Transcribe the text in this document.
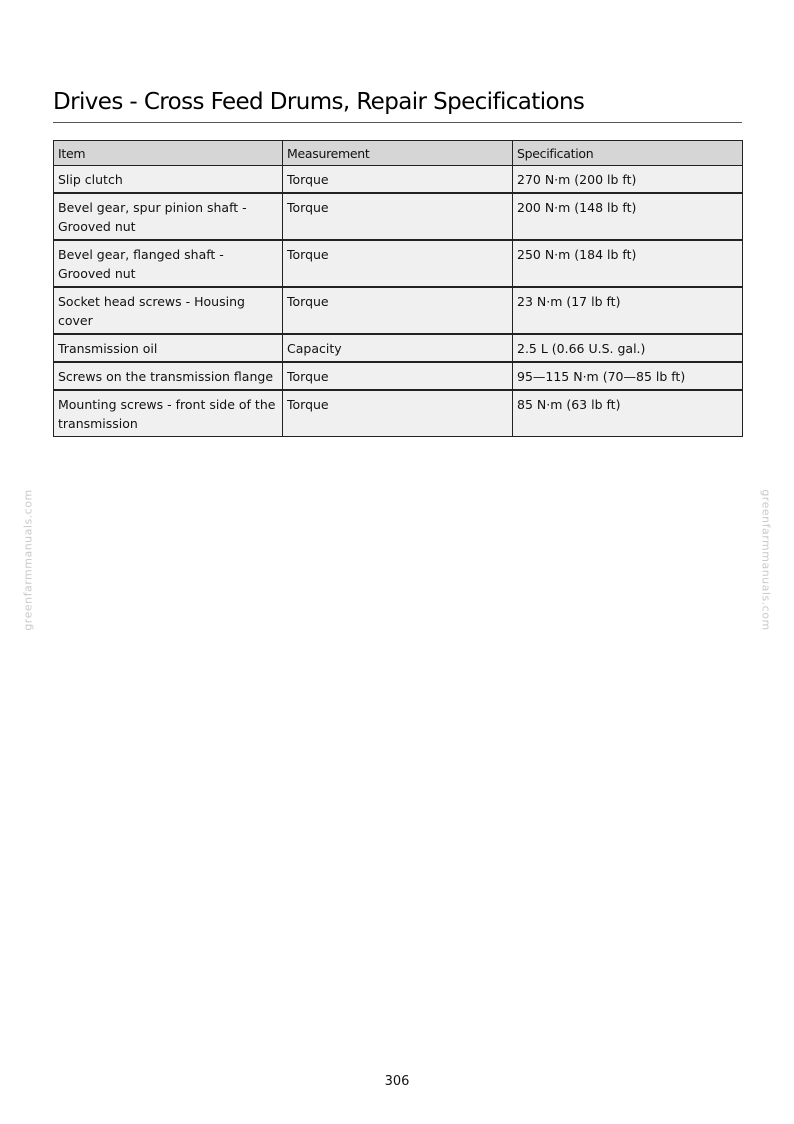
Drives - Cross Feed Drums, Repair Specifications
Item	Measurement	Specification
Slip clutch	Torque	270 N·m (200 lb ft)
Bevel gear, spur pinion shaft - Grooved nut	Torque	200 N·m (148 lb ft)
Bevel gear, flanged shaft - Grooved nut	Torque	250 N·m (184 lb ft)
Socket head screws - Housing cover	Torque	23 N·m (17 lb ft)
Transmission oil	Capacity	2.5 L (0.66 U.S. gal.)
Screws on the transmission flange	Torque	95—115 N·m (70—85 lb ft)
Mounting screws - front side of the transmission	Torque	85 N·m (63 lb ft)
greenfarmmanuals.com	greenfarmmanuals.com
306
